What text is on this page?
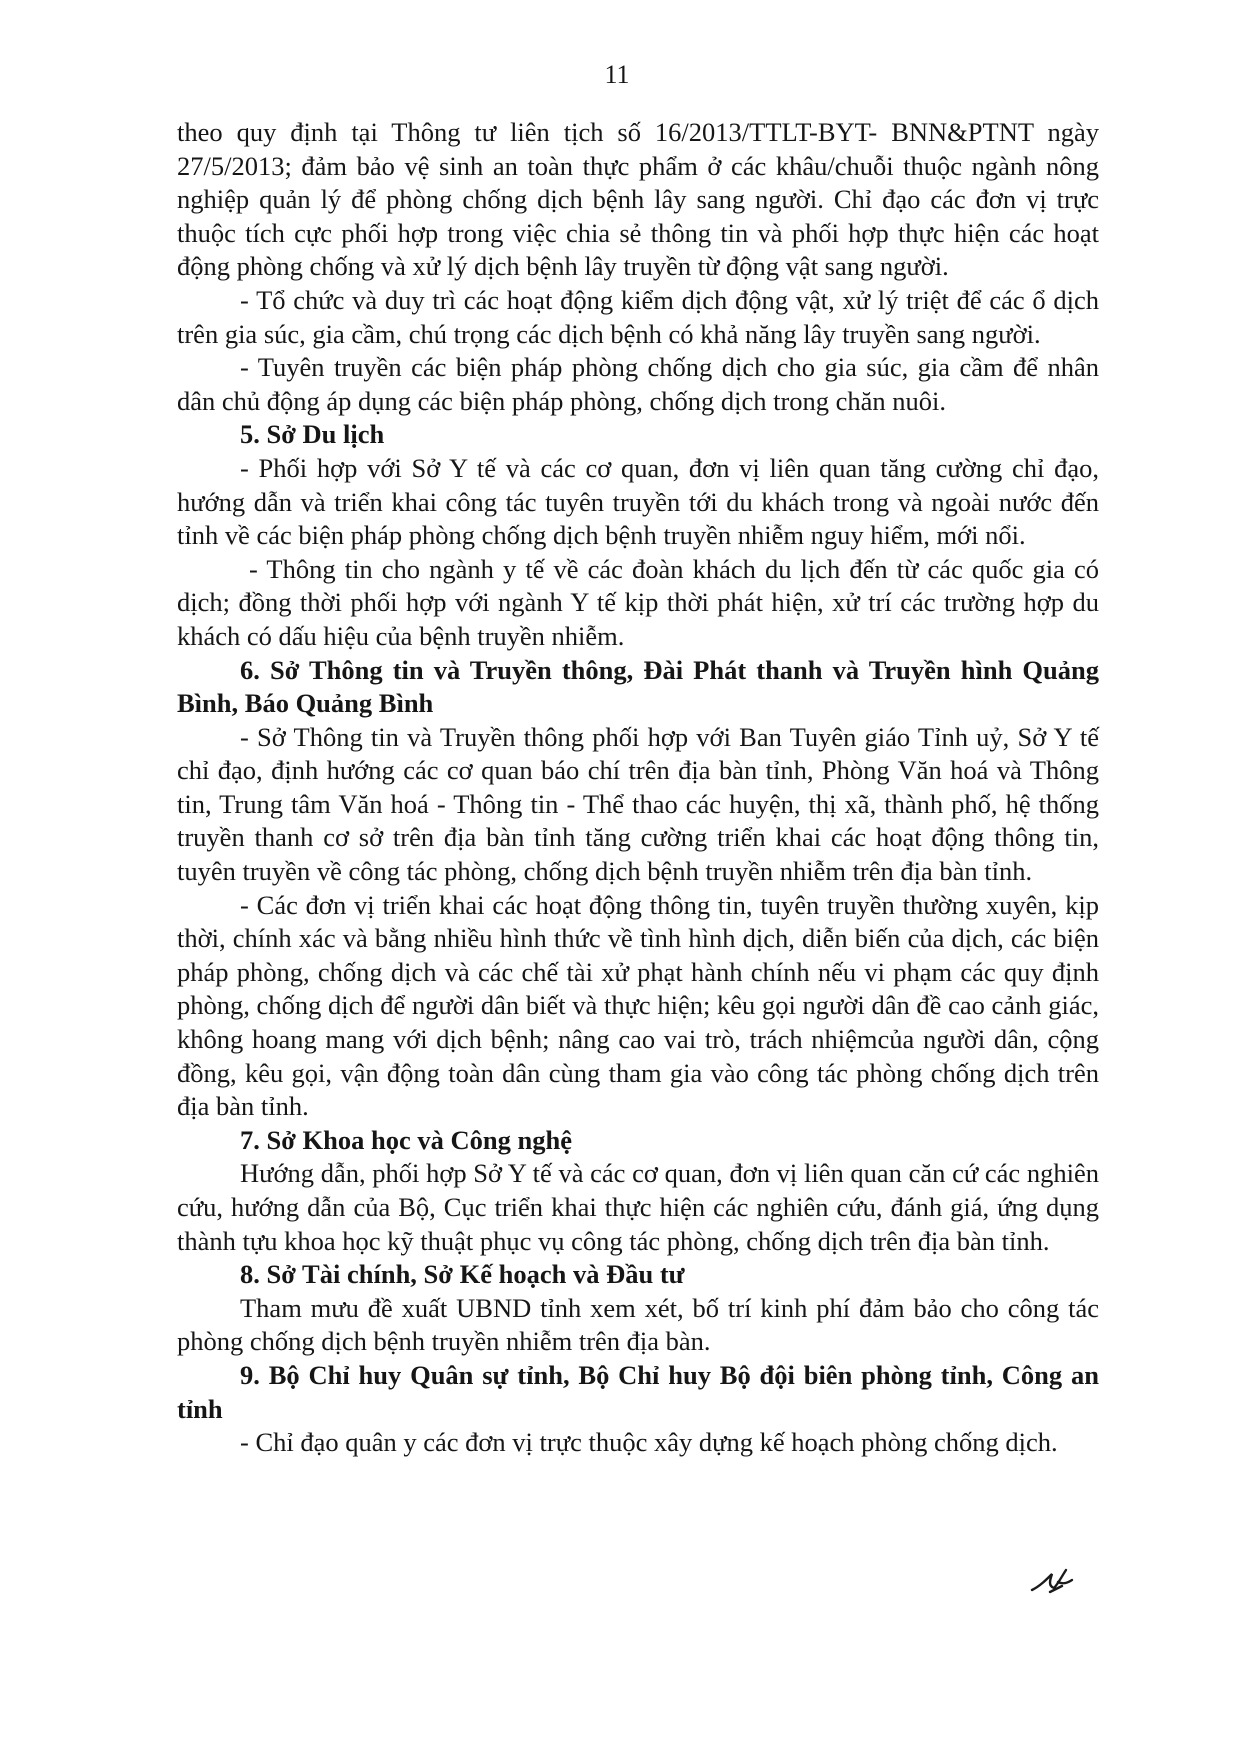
11

theo quy định tại Thông tư liên tịch số 16/2013/TTLT-BYT- BNN&PTNT ngày 27/5/2013; đảm bảo vệ sinh an toàn thực phẩm ở các khâu/chuỗi thuộc ngành nông nghiệp quản lý để phòng chống dịch bệnh lây sang người. Chỉ đạo các đơn vị trực thuộc tích cực phối hợp trong việc chia sẻ thông tin và phối hợp thực hiện các hoạt động phòng chống và xử lý dịch bệnh lây truyền từ động vật sang người.

- Tổ chức và duy trì các hoạt động kiểm dịch động vật, xử lý triệt để các ổ dịch trên gia súc, gia cầm, chú trọng các dịch bệnh có khả năng lây truyền sang người.

- Tuyên truyền các biện pháp phòng chống dịch cho gia súc, gia cầm để nhân dân chủ động áp dụng các biện pháp phòng, chống dịch trong chăn nuôi.

5. Sở Du lịch

- Phối hợp với Sở Y tế và các cơ quan, đơn vị liên quan tăng cường chỉ đạo, hướng dẫn và triển khai công tác tuyên truyền tới du khách trong và ngoài nước đến tỉnh về các biện pháp phòng chống dịch bệnh truyền nhiễm nguy hiểm, mới nổi.

- Thông tin cho ngành y tế về các đoàn khách du lịch đến từ các quốc gia có dịch; đồng thời phối hợp với ngành Y tế kịp thời phát hiện, xử trí các trường hợp du khách có dấu hiệu của bệnh truyền nhiễm.

6. Sở Thông tin và Truyền thông, Đài Phát thanh và Truyền hình Quảng Bình, Báo Quảng Bình

- Sở Thông tin và Truyền thông phối hợp với Ban Tuyên giáo Tỉnh uỷ, Sở Y tế chỉ đạo, định hướng các cơ quan báo chí trên địa bàn tỉnh, Phòng Văn hoá và Thông tin, Trung tâm Văn hoá - Thông tin - Thể thao các huyện, thị xã, thành phố, hệ thống truyền thanh cơ sở trên địa bàn tỉnh tăng cường triển khai các hoạt động thông tin, tuyên truyền về công tác phòng, chống dịch bệnh truyền nhiễm trên địa bàn tỉnh.

- Các đơn vị triển khai các hoạt động thông tin, tuyên truyền thường xuyên, kịp thời, chính xác và bằng nhiều hình thức về tình hình dịch, diễn biến của dịch, các biện pháp phòng, chống dịch và các chế tài xử phạt hành chính nếu vi phạm các quy định phòng, chống dịch để người dân biết và thực hiện; kêu gọi người dân đề cao cảnh giác, không hoang mang với dịch bệnh; nâng cao vai trò, trách nhiệmcủa người dân, cộng đồng, kêu gọi, vận động toàn dân cùng tham gia vào công tác phòng chống dịch trên địa bàn tỉnh.

7. Sở Khoa học và Công nghệ

Hướng dẫn, phối hợp Sở Y tế và các cơ quan, đơn vị liên quan căn cứ các nghiên cứu, hướng dẫn của Bộ, Cục triển khai thực hiện các nghiên cứu, đánh giá, ứng dụng thành tựu khoa học kỹ thuật phục vụ công tác phòng, chống dịch trên địa bàn tỉnh.

8. Sở Tài chính, Sở Kế hoạch và Đầu tư

Tham mưu đề xuất UBND tỉnh xem xét, bố trí kinh phí đảm bảo cho công tác phòng chống dịch bệnh truyền nhiễm trên địa bàn.

9. Bộ Chỉ huy Quân sự tỉnh, Bộ Chỉ huy Bộ đội biên phòng tỉnh, Công an tỉnh

- Chỉ đạo quân y các đơn vị trực thuộc xây dựng kế hoạch phòng chống dịch.
